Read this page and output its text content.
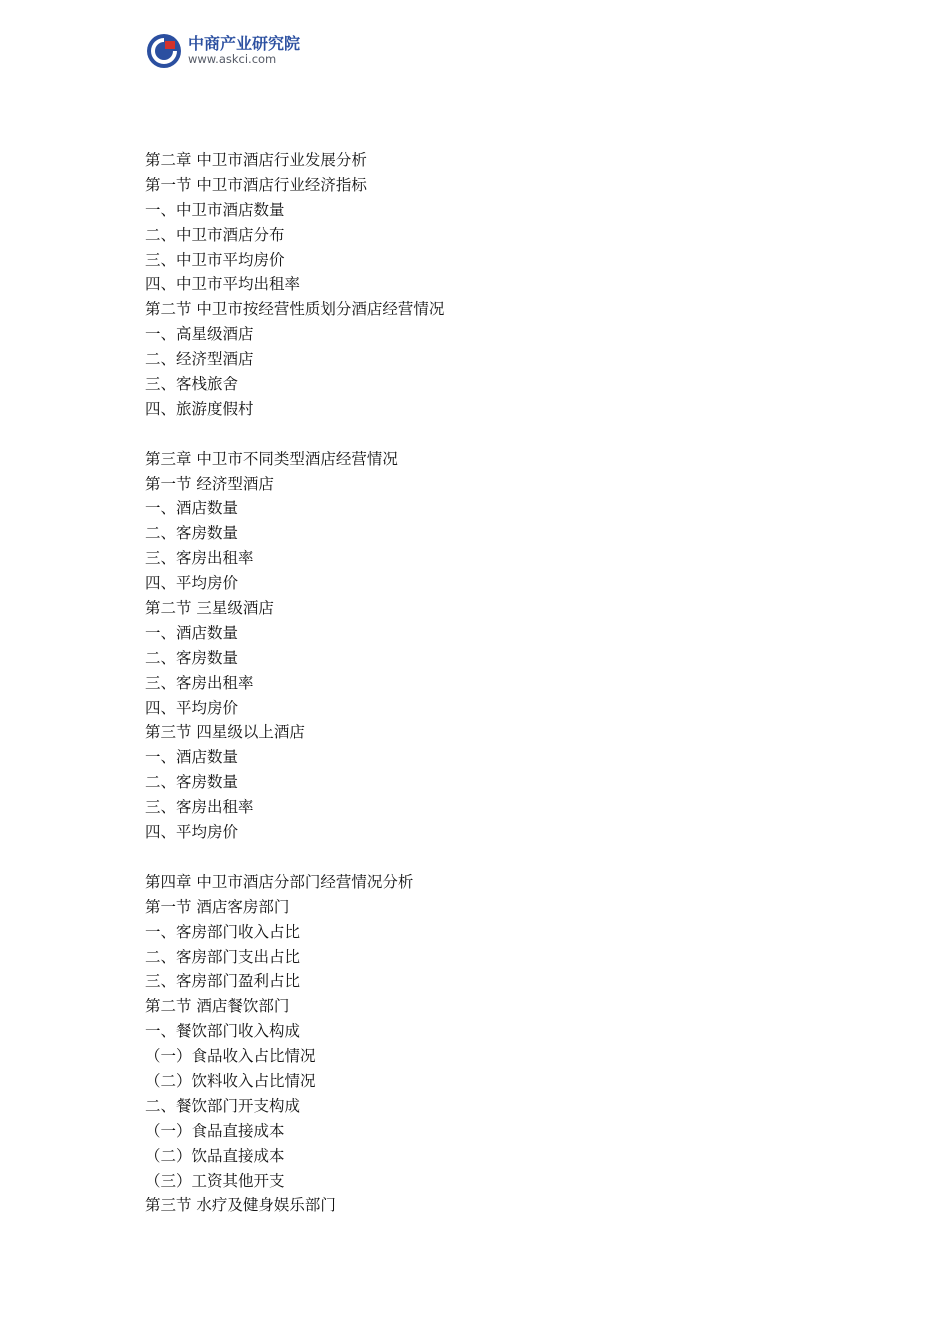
中商产业研究院
www.askci.com
第二章 中卫市酒店行业发展分析
第一节 中卫市酒店行业经济指标
一、中卫市酒店数量
二、中卫市酒店分布
三、中卫市平均房价
四、中卫市平均出租率
第二节 中卫市按经营性质划分酒店经营情况
一、高星级酒店
二、经济型酒店
三、客栈旅舍
四、旅游度假村
第三章 中卫市不同类型酒店经营情况
第一节 经济型酒店
一、酒店数量
二、客房数量
三、客房出租率
四、平均房价
第二节 三星级酒店
一、酒店数量
二、客房数量
三、客房出租率
四、平均房价
第三节 四星级以上酒店
一、酒店数量
二、客房数量
三、客房出租率
四、平均房价
第四章 中卫市酒店分部门经营情况分析
第一节 酒店客房部门
一、客房部门收入占比
二、客房部门支出占比
三、客房部门盈利占比
第二节 酒店餐饮部门
一、餐饮部门收入构成
（一）食品收入占比情况
（二）饮料收入占比情况
二、餐饮部门开支构成
（一）食品直接成本
（二）饮品直接成本
（三）工资其他开支
第三节 水疗及健身娱乐部门
